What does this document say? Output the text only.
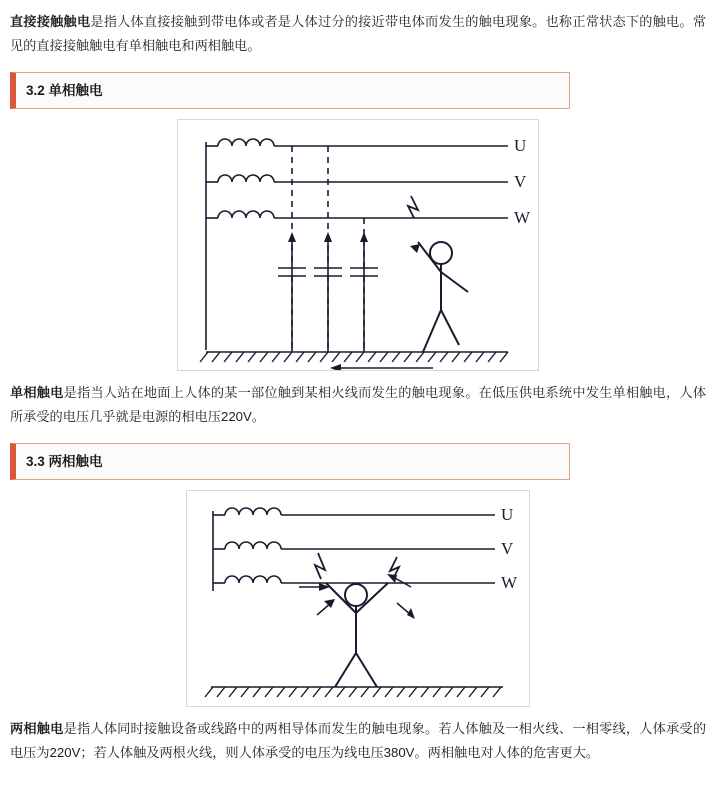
直接接触触电是指人体直接接触到带电体或者是人体过分的接近带电体而发生的触电现象。也称正常状态下的触电。常见的直接接触触电有单相触电和两相触电。

3.2 单相触电
U
V
W

单相触电是指当人站在地面上人体的某一部位触到某相火线而发生的触电现象。在低压供电系统中发生单相触电，人体所承受的电压几乎就是电源的相电压220V。

3.3 两相触电
U
V
W

两相触电是指人体同时接触设备或线路中的两相导体而发生的触电现象。若人体触及一相火线、一相零线，人体承受的电压为220V；若人体触及两根火线，则人体承受的电压为线电压380V。两相触电对人体的危害更大。
